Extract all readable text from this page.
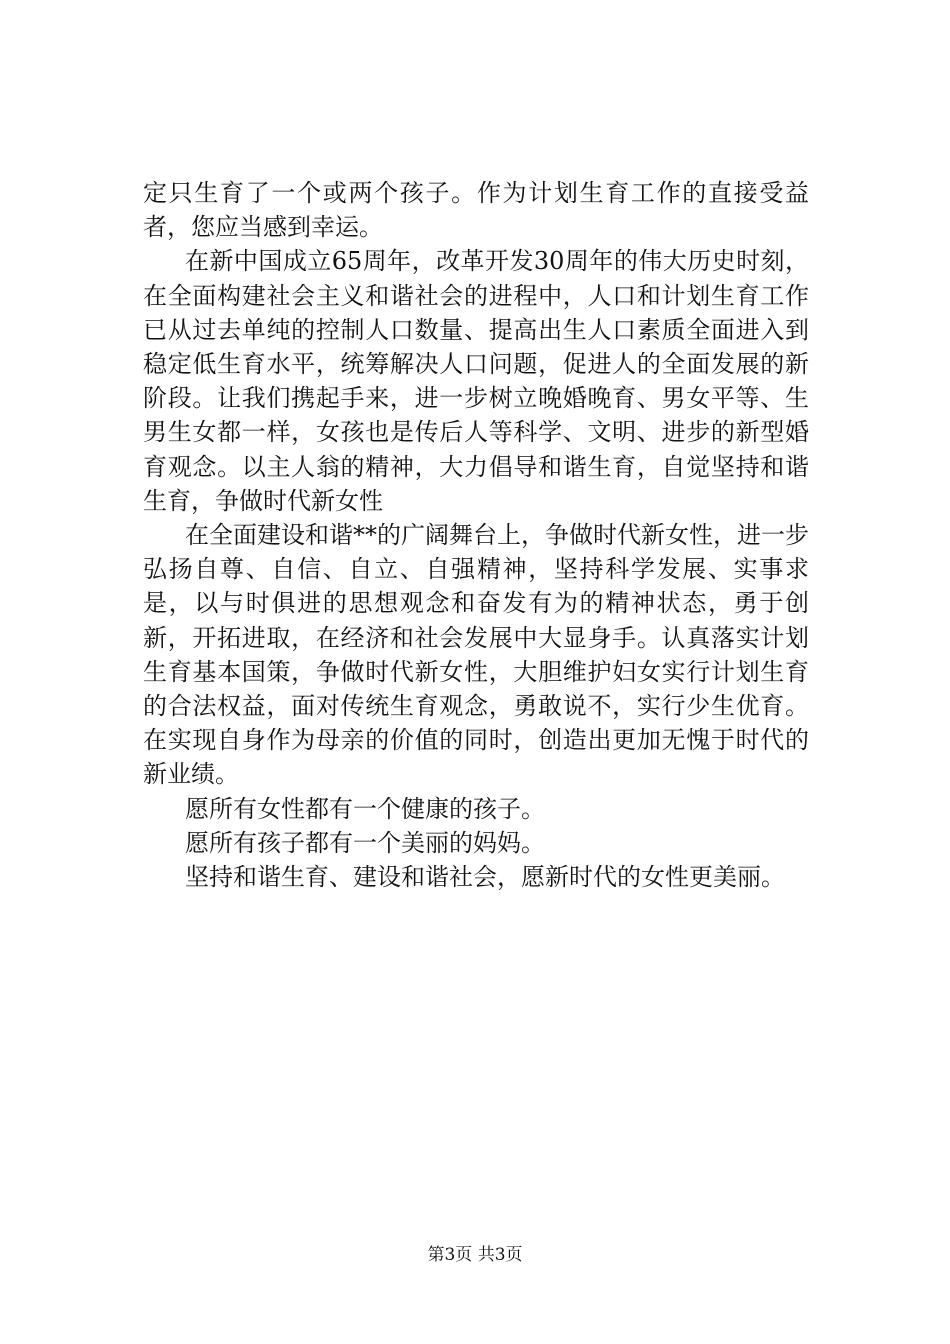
定只生育了一个或两个孩子。作为计划生育工作的直接受益者，您应当感到幸运。

在新中国成立65周年，改革开发30周年的伟大历史时刻，在全面构建社会主义和谐社会的进程中，人口和计划生育工作已从过去单纯的控制人口数量、提高出生人口素质全面进入到稳定低生育水平，统筹解决人口问题，促进人的全面发展的新阶段。让我们携起手来，进一步树立晚婚晚育、男女平等、生男生女都一样，女孩也是传后人等科学、文明、进步的新型婚育观念。以主人翁的精神，大力倡导和谐生育，自觉坚持和谐生育，争做时代新女性

在全面建设和谐**的广阔舞台上，争做时代新女性，进一步弘扬自尊、自信、自立、自强精神，坚持科学发展、实事求是，以与时俱进的思想观念和奋发有为的精神状态，勇于创新，开拓进取，在经济和社会发展中大显身手。认真落实计划生育基本国策，争做时代新女性，大胆维护妇女实行计划生育的合法权益，面对传统生育观念，勇敢说不，实行少生优育。在实现自身作为母亲的价值的同时，创造出更加无愧于时代的新业绩。

愿所有女性都有一个健康的孩子。

愿所有孩子都有一个美丽的妈妈。

坚持和谐生育、建设和谐社会，愿新时代的女性更美丽。

第3页 共3页
